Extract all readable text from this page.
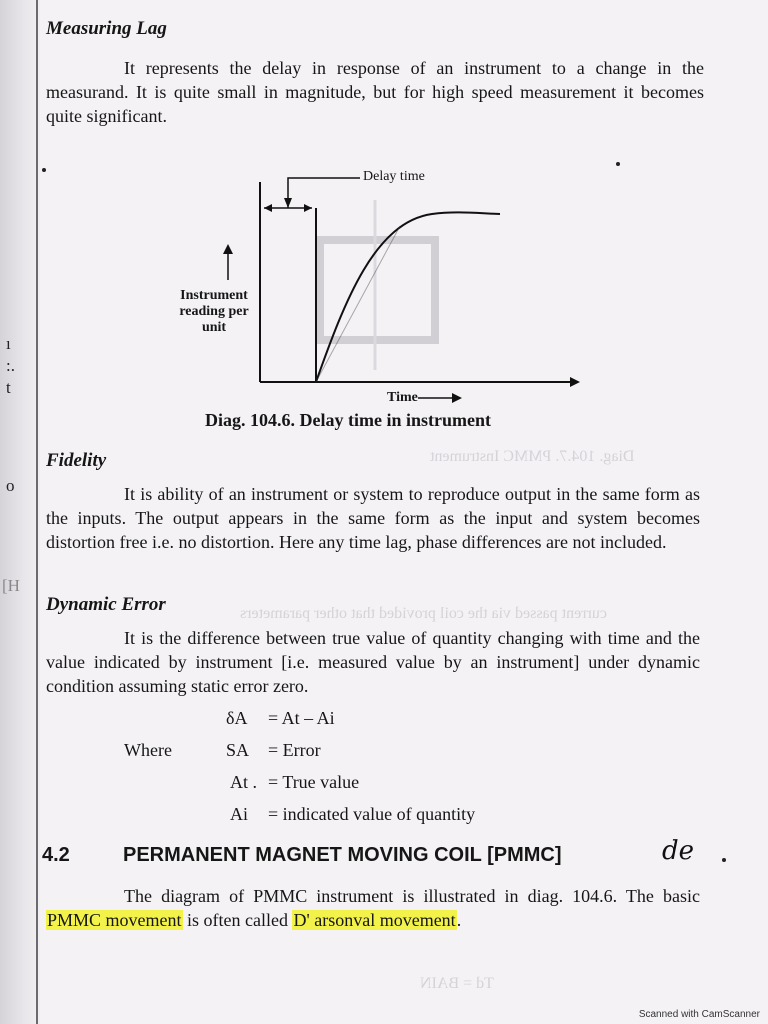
ı
:.
t
o
[H
Diag. 104.7. PMMC Instrument
current passed via the coil provided that other parameters
Td = BAIN
Measuring Lag

It represents the delay in response of an instrument to a change in the measurand. It is quite small in magnitude, but for high speed measurement it becomes quite significant.

Delay time
Instrument
reading per
unit
Time

Diag. 104.6. Delay time in instrument

Fidelity

It is ability of an instrument or system to reproduce output in the same form as the inputs. The output appears in the same form as the input and system becomes distortion free i.e. no distortion. Here any time lag, phase differences are not included.

Dynamic Error

It is the difference between true value of quantity changing with time and the value indicated by instrument [i.e. measured value by an instrument] under dynamic condition assuming static error zero.

δA = At – Ai
Where	SA = Error
At . = True value
Ai = indicated value of quantity
4.2	PERMANENT MAGNET MOVING COIL [PMMC]	de

The diagram of PMMC instrument is illustrated in diag. 104.6. The basic PMMC movement is often called D' arsonval movement.

Scanned with CamScanner
